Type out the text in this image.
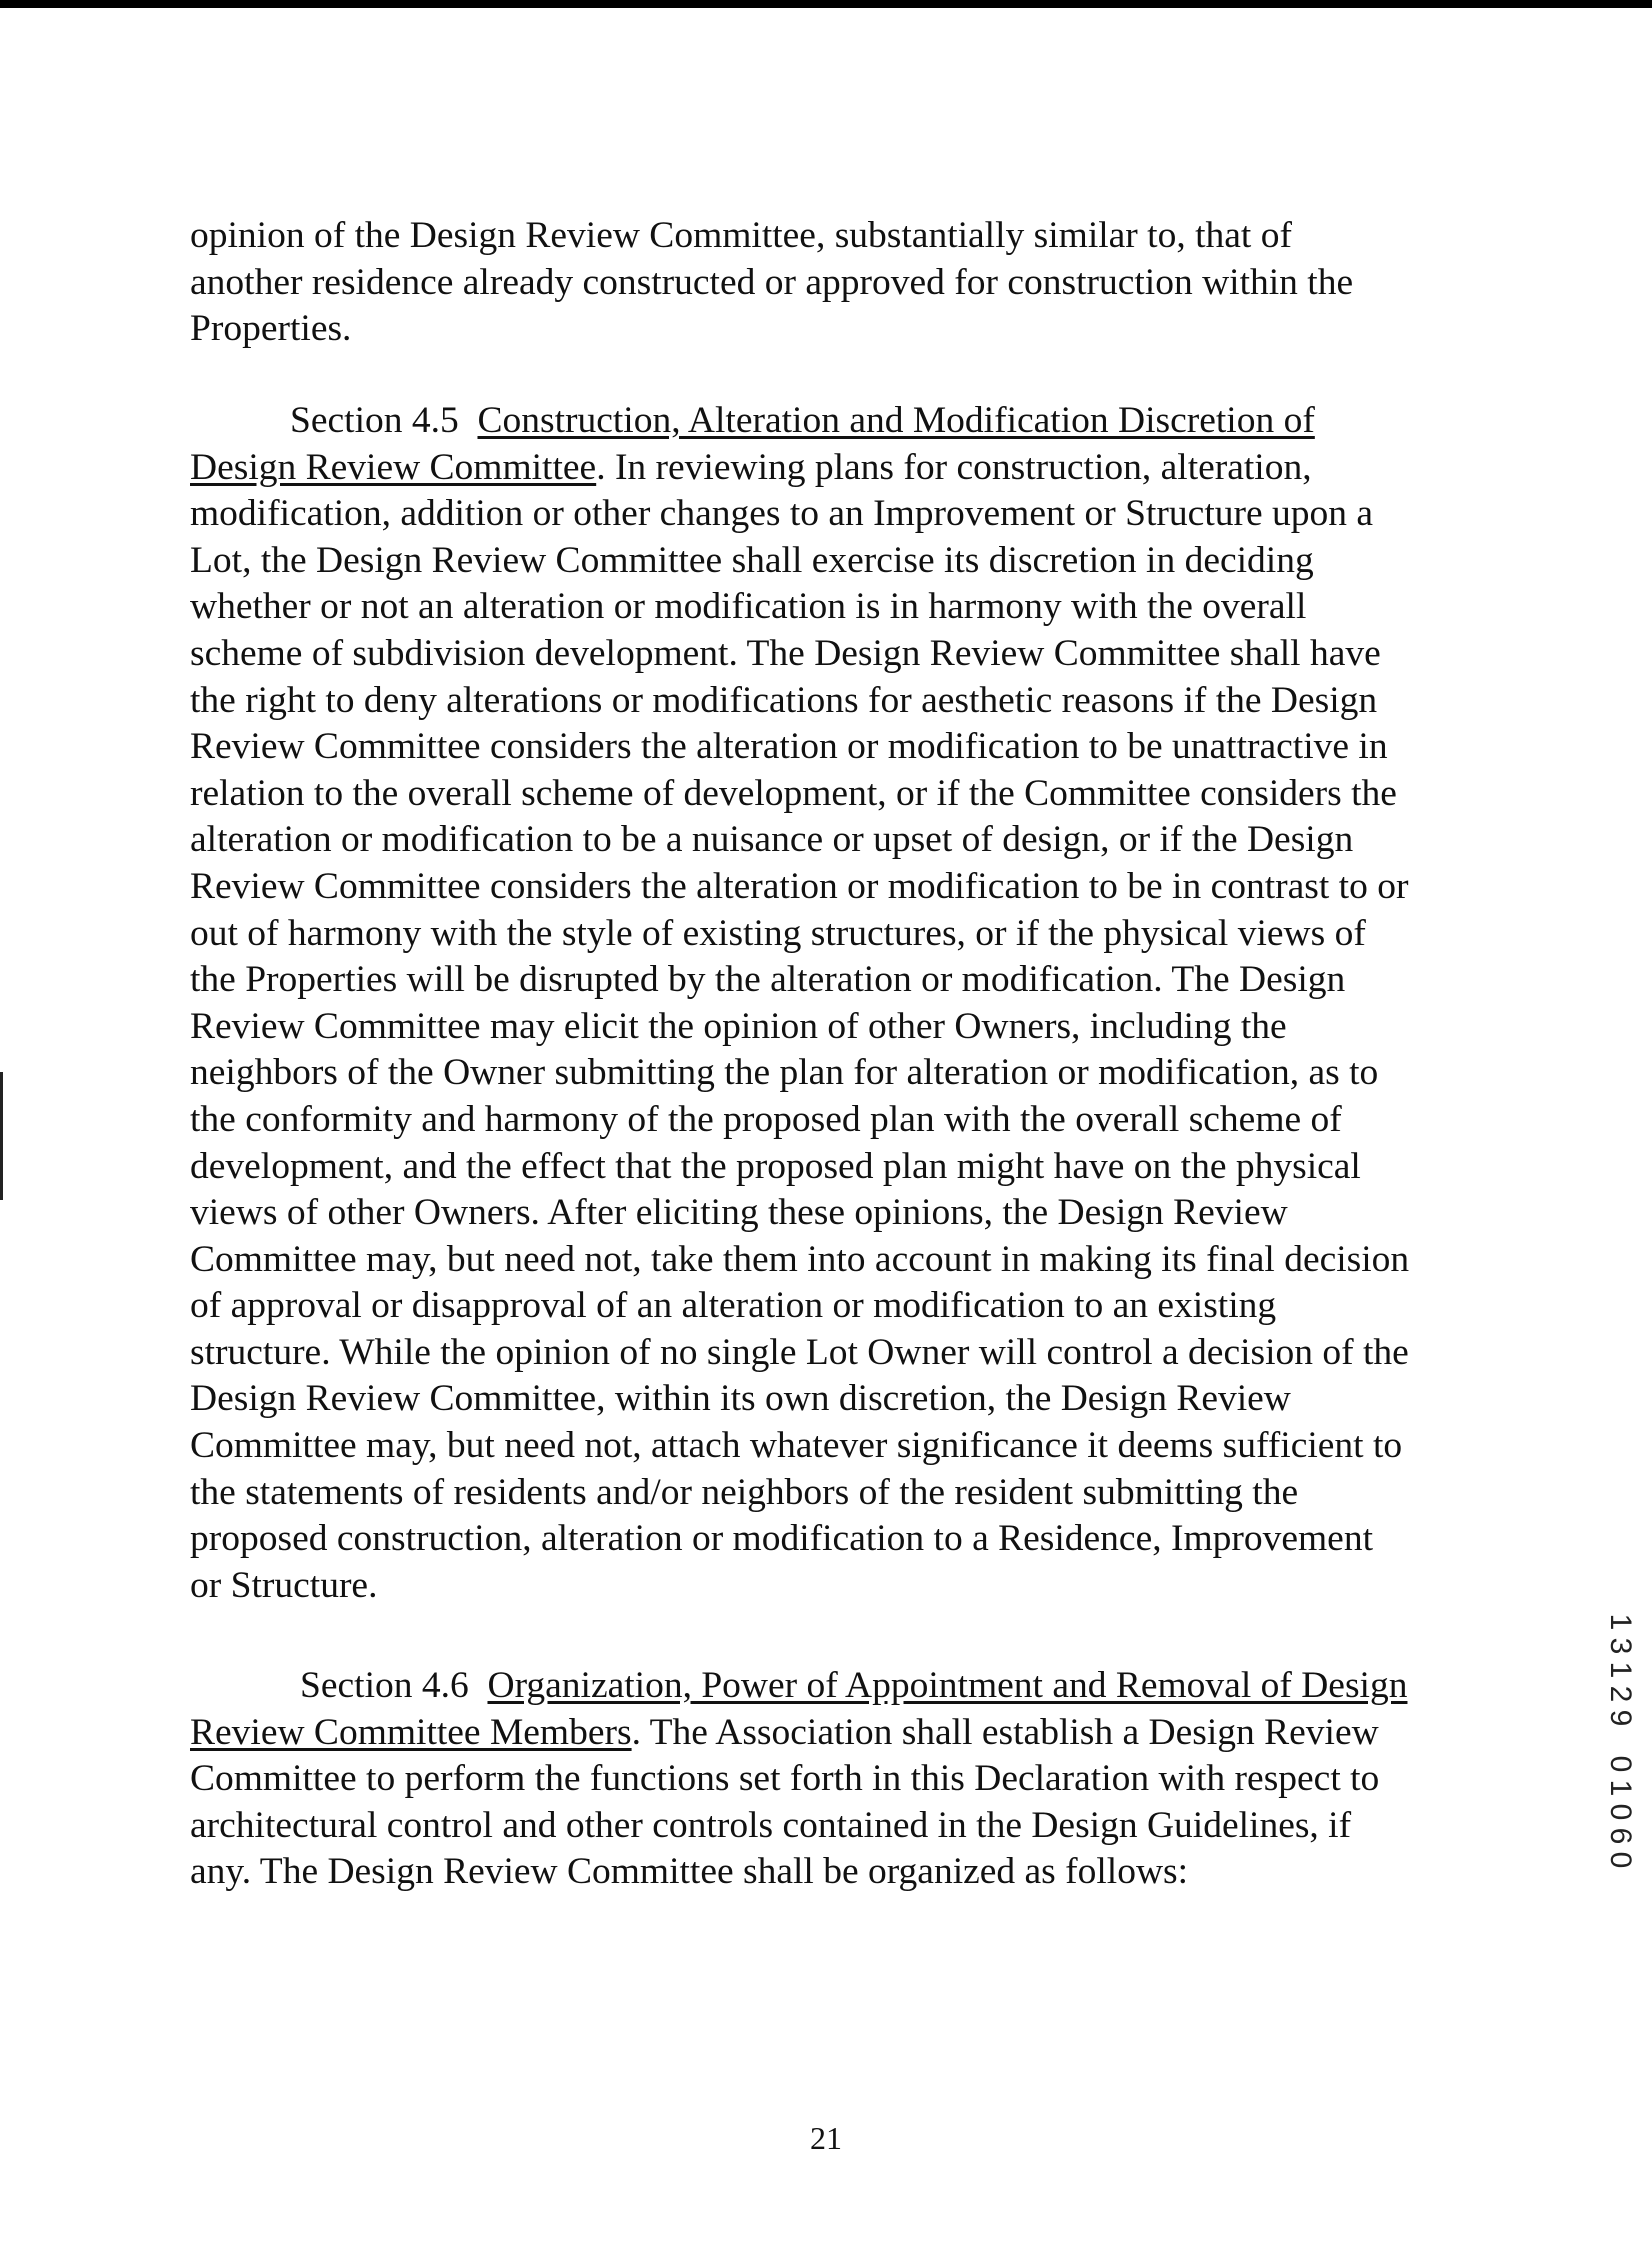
opinion of the Design Review Committee, substantially similar to, that of another residence already constructed or approved for construction within the Properties.

Section 4.5 Construction, Alteration and Modification Discretion of Design Review Committee. In reviewing plans for construction, alteration, modification, addition or other changes to an Improvement or Structure upon a Lot, the Design Review Committee shall exercise its discretion in deciding whether or not an alteration or modification is in harmony with the overall scheme of subdivision development. The Design Review Committee shall have the right to deny alterations or modifications for aesthetic reasons if the Design Review Committee considers the alteration or modification to be unattractive in relation to the overall scheme of development, or if the Committee considers the alteration or modification to be a nuisance or upset of design, or if the Design Review Committee considers the alteration or modification to be in contrast to or out of harmony with the style of existing structures, or if the physical views of the Properties will be disrupted by the alteration or modification. The Design Review Committee may elicit the opinion of other Owners, including the neighbors of the Owner submitting the plan for alteration or modification, as to the conformity and harmony of the proposed plan with the overall scheme of development, and the effect that the proposed plan might have on the physical views of other Owners. After eliciting these opinions, the Design Review Committee may, but need not, take them into account in making its final decision of approval or disapproval of an alteration or modification to an existing structure. While the opinion of no single Lot Owner will control a decision of the Design Review Committee, within its own discretion, the Design Review Committee may, but need not, attach whatever significance it deems sufficient to the statements of residents and/or neighbors of the resident submitting the proposed construction, alteration or modification to a Residence, Improvement or Structure.

Section 4.6 Organization, Power of Appointment and Removal of Design Review Committee Members. The Association shall establish a Design Review Committee to perform the functions set forth in this Declaration with respect to architectural control and other controls contained in the Design Guidelines, if any. The Design Review Committee shall be organized as follows:

21
1
3
1
2
9
0
1
0
6
0
